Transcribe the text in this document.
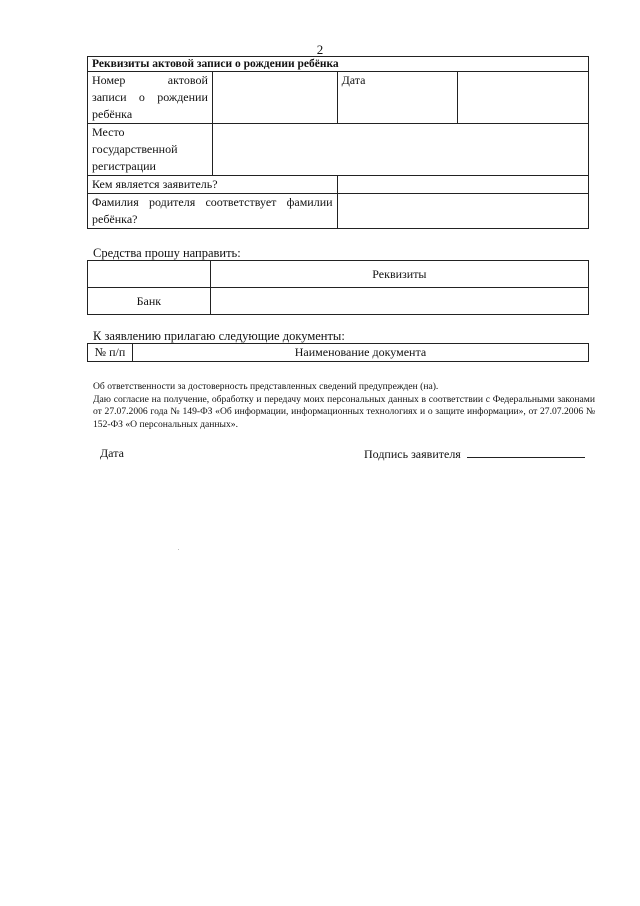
2
Реквизиты актовой записи о рождении ребёнка			

Номер актовой
записи о рождении
ребёнка		Дата	

Место
государственной
регистрации			

Кем является заявитель?			

Фамилия родителя соответствует фамилии
ребёнка?			

Средства прошу направить:
	Реквизиты
Банк	
К заявлению прилагаю следующие документы:
№ п/п	Наименование документа

Об ответственности за достоверность представленных сведений предупрежден (на).

Даю согласие на получение, обработку и передачу моих персональных данных в соответствии с Федеральными законами от 27.07.2006 года № 149-ФЗ «Об информации, информационных технологиях и о защите информации», от 27.07.2006 № 152-ФЗ «О персональных данных».

Дата	Подпись заявителя
